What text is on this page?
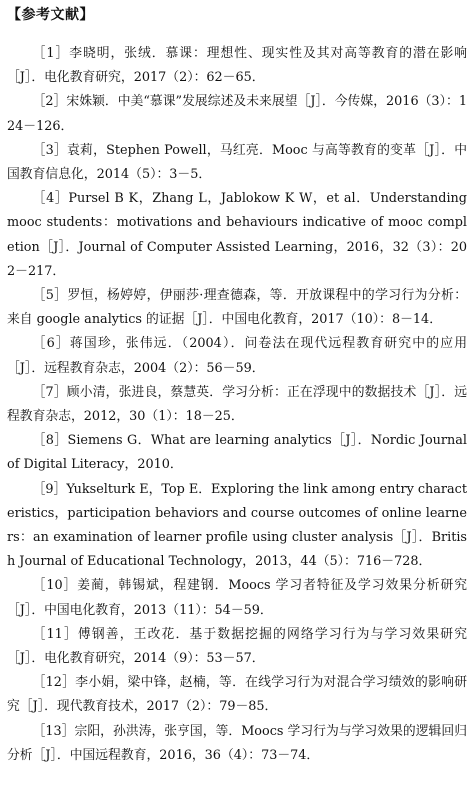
【参考文献】

［1］李晓明，张绒．慕课：理想性、现实性及其对高等教育的潜在影响［J］．电化教育研究，2017（2）：62－65．

［2］宋姝颖．中美“慕课”发展综述及未来展望［J］．今传媒，2016（3）：124－126．

［3］袁莉，Stephen Powell，马红亮．Mooc 与高等教育的变革［J］．中国教育信息化，2014（5）：3－5．

［4］Pursel B K，Zhang L，Jablokow K W，et al．Understanding mooc students：motivations and behaviours indicative of mooc completion［J］．Journal of Computer Assisted Learning，2016，32（3）：202－217．

［5］罗恒，杨婷婷，伊丽莎·理查德森，等．开放课程中的学习行为分析：来自 google analytics 的证据［J］．中国电化教育，2017（10）：8－14．

［6］蒋国珍，张伟远．（2004）．问卷法在现代远程教育研究中的应用［J］．远程教育杂志，2004（2）：56－59．

［7］顾小清，张进良，蔡慧英．学习分析：正在浮现中的数据技术［J］．远程教育杂志，2012，30（1）：18－25．

［8］Siemens G．What are learning analytics［J］．Nordic Journal of Digital Literacy，2010．

［9］Yukselturk E，Top E．Exploring the link among entry characteristics，participation behaviors and course outcomes of online learners：an examination of learner profile using cluster analysis［J］．British Journal of Educational Technology，2013，44（5）：716－728．

［10］姜蔺，韩锡斌，程建钢．Moocs 学习者特征及学习效果分析研究［J］．中国电化教育，2013（11）：54－59．

［11］傅钢善，王改花．基于数据挖掘的网络学习行为与学习效果研究［J］．电化教育研究，2014（9）：53－57．

［12］李小娟，梁中锋，赵楠，等．在线学习行为对混合学习绩效的影响研究［J］．现代教育技术，2017（2）：79－85．

［13］宗阳，孙洪涛，张亨国，等．Moocs 学习行为与学习效果的逻辑回归分析［J］．中国远程教育，2016，36（4）：73－74．
